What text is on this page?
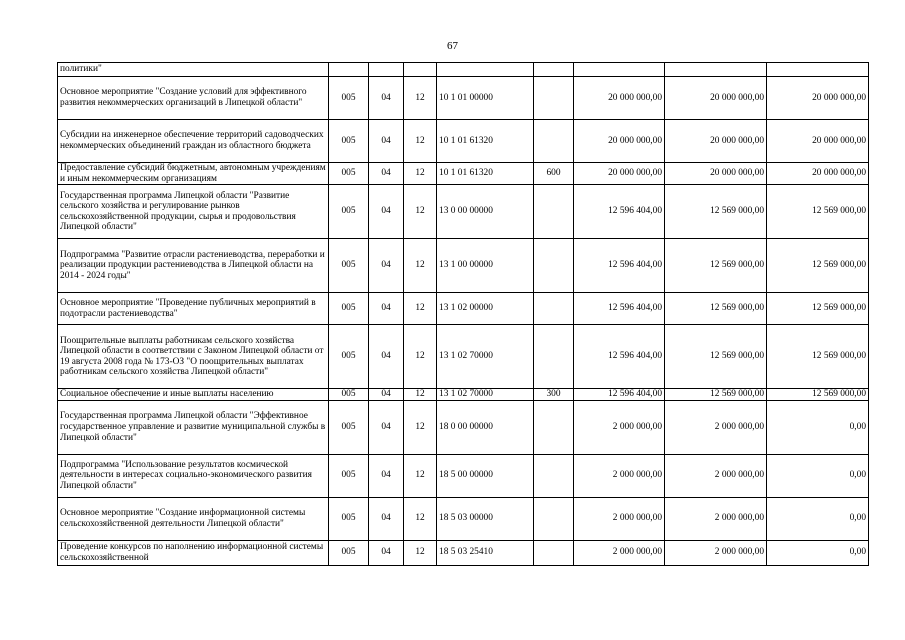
67
политики"								
Основное мероприятие "Создание условий для эффективного развития некоммерческих организаций в Липецкой области"	005	04	12	10 1 01 00000		20 000 000,00	20 000 000,00	20 000 000,00
Субсидии на инженерное обеспечение территорий садоводческих некоммерческих объединений граждан из областного бюджета	005	04	12	10 1 01 61320		20 000 000,00	20 000 000,00	20 000 000,00
Предоставление субсидий бюджетным, автономным учреждениям и иным некоммерческим организациям	005	04	12	10 1 01 61320	600	20 000 000,00	20 000 000,00	20 000 000,00
Государственная программа Липецкой области "Развитие сельского хозяйства и регулирование рынков сельскохозяйственной продукции, сырья и продовольствия Липецкой области"	005	04	12	13 0 00 00000		12 596 404,00	12 569 000,00	12 569 000,00
Подпрограмма "Развитие отрасли растениеводства, переработки и реализации продукции растениеводства в Липецкой области на 2014 - 2024 годы"	005	04	12	13 1 00 00000		12 596 404,00	12 569 000,00	12 569 000,00
Основное мероприятие "Проведение публичных мероприятий в подотрасли растениеводства"	005	04	12	13 1 02 00000		12 596 404,00	12 569 000,00	12 569 000,00
Поощрительные выплаты работникам сельского хозяйства Липецкой области в соответствии с Законом Липецкой области от 19 августа 2008 года № 173-ОЗ "О поощрительных выплатах работникам сельского хозяйства Липецкой области"	005	04	12	13 1 02 70000		12 596 404,00	12 569 000,00	12 569 000,00
Социальное обеспечение и иные выплаты населению	005	04	12	13 1 02 70000	300	12 596 404,00	12 569 000,00	12 569 000,00
Государственная программа Липецкой области "Эффективное государственное управление и развитие муниципальной службы в Липецкой области"	005	04	12	18 0 00 00000		2 000 000,00	2 000 000,00	0,00
Подпрограмма "Использование результатов космической деятельности в интересах социально-экономического развития Липецкой области"	005	04	12	18 5 00 00000		2 000 000,00	2 000 000,00	0,00
Основное мероприятие "Создание информационной системы сельскохозяйственной деятельности Липецкой области"	005	04	12	18 5 03 00000		2 000 000,00	2 000 000,00	0,00
Проведение конкурсов по наполнению информационной системы сельскохозяйственной	005	04	12	18 5 03 25410		2 000 000,00	2 000 000,00	0,00
